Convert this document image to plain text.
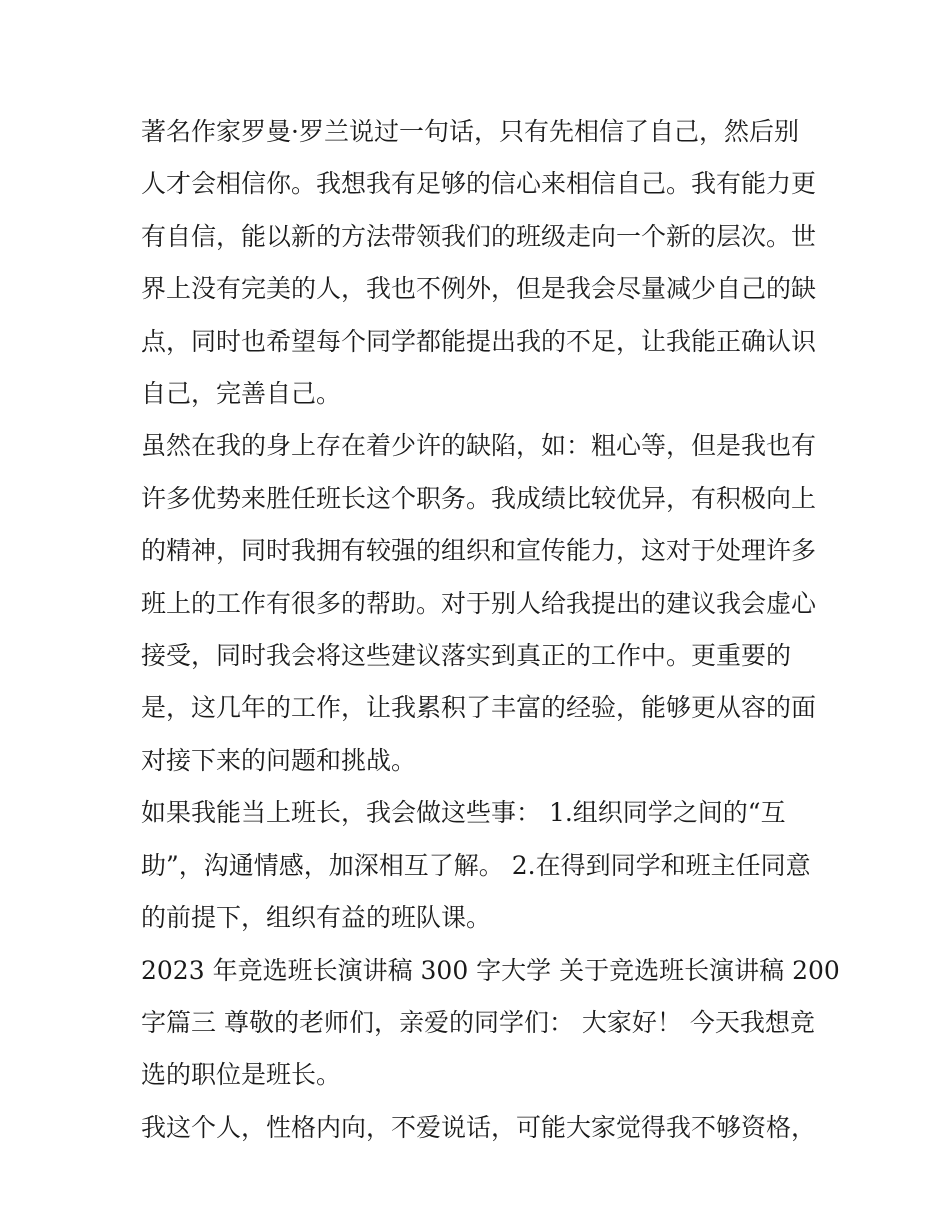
著名作家罗曼·罗兰说过一句话，只有先相信了自己，然后别
人才会相信你。我想我有足够的信心来相信自己。我有能力更
有自信，能以新的方法带领我们的班级走向一个新的层次。世
界上没有完美的人，我也不例外，但是我会尽量减少自己的缺
点，同时也希望每个同学都能提出我的不足，让我能正确认识
自己，完善自己。
虽然在我的身上存在着少许的缺陷，如：粗心等，但是我也有
许多优势来胜任班长这个职务。我成绩比较优异，有积极向上
的精神，同时我拥有较强的组织和宣传能力，这对于处理许多
班上的工作有很多的帮助。对于别人给我提出的建议我会虚心
接受，同时我会将这些建议落实到真正的工作中。更重要的
是，这几年的工作，让我累积了丰富的经验，能够更从容的面
对接下来的问题和挑战。
如果我能当上班长，我会做这些事： 1.组织同学之间的“互
助”，沟通情感，加深相互了解。 2.在得到同学和班主任同意
的前提下，组织有益的班队课。
2023 年竞选班长演讲稿 300 字大学 关于竞选班长演讲稿 200
字篇三 尊敬的老师们，亲爱的同学们： 大家好！ 今天我想竞
选的职位是班长。
我这个人，性格内向，不爱说话，可能大家觉得我不够资格，
